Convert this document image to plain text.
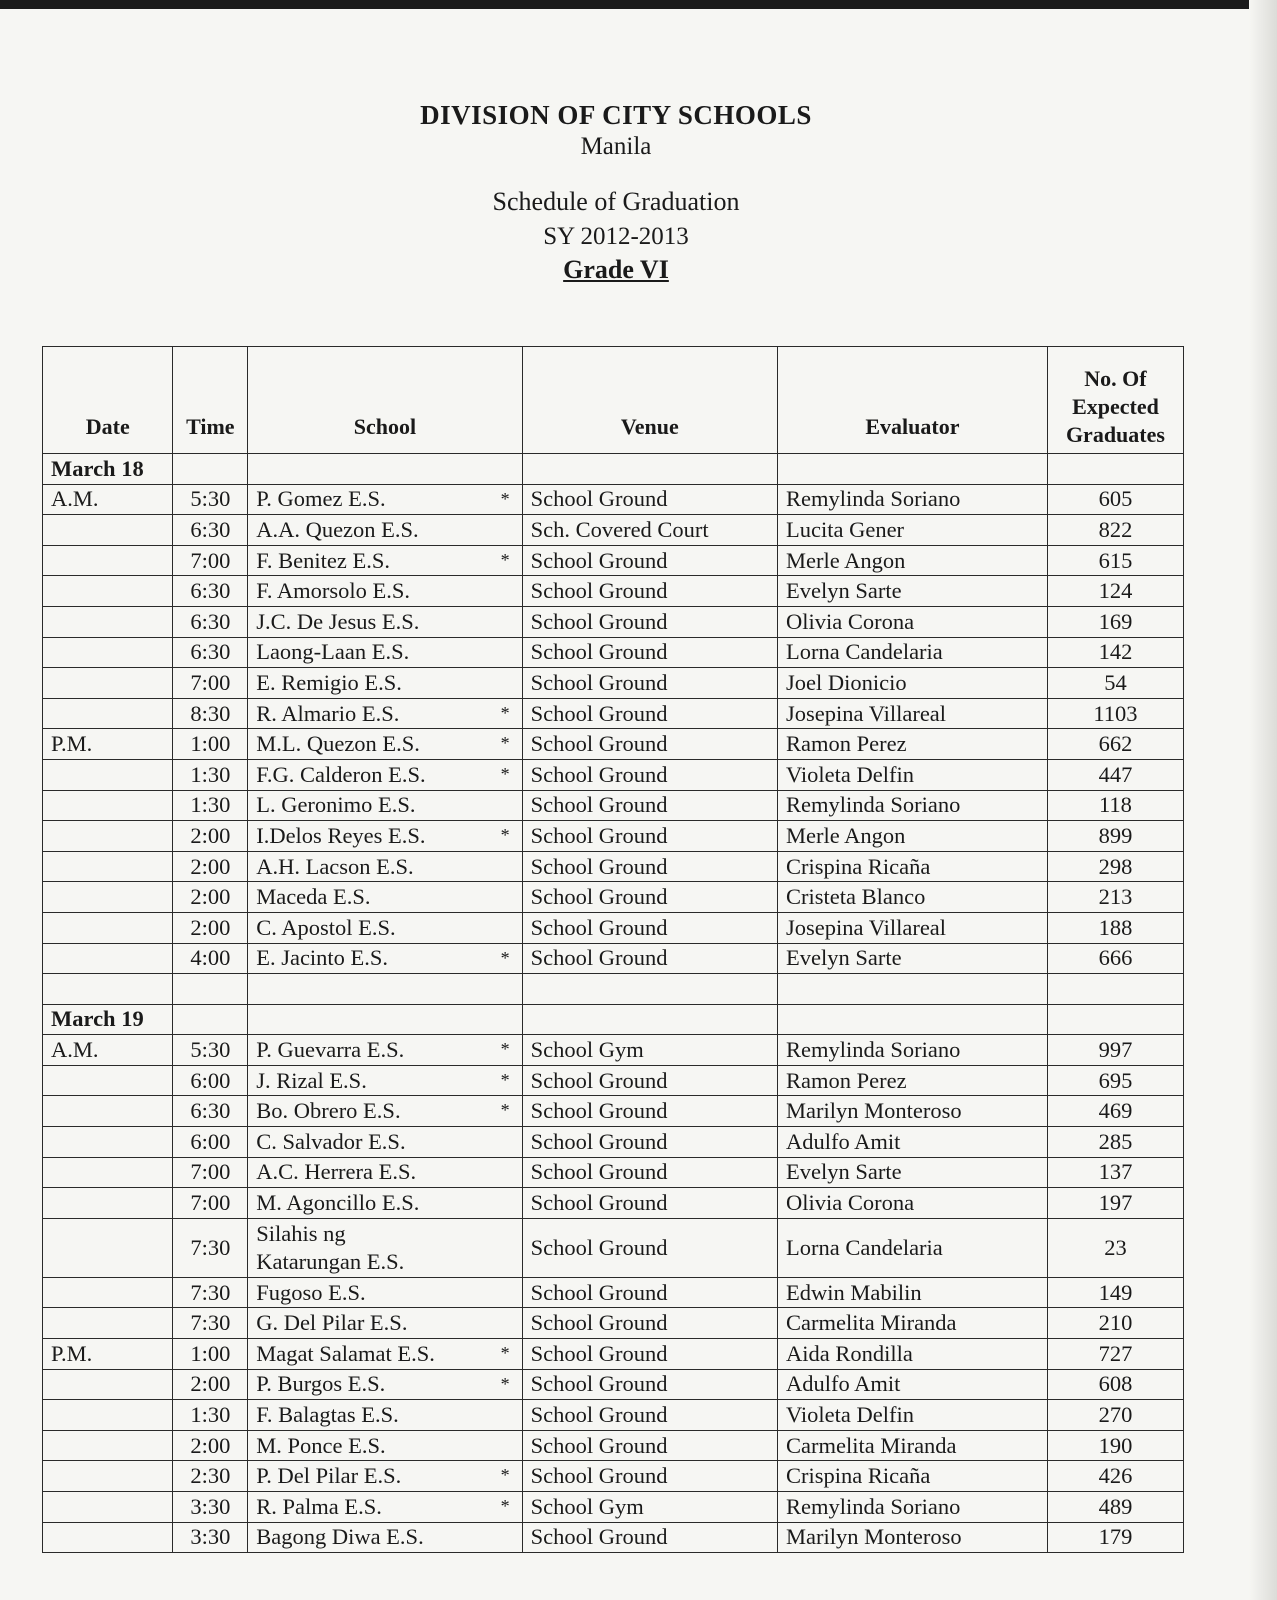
DIVISION OF CITY SCHOOLS
Manila
Schedule of Graduation
SY 2012-2013
Grade VI
Date	Time	School	Venue	Evaluator	No. Of Expected Graduates
March 18					
A.M.	5:30	P. Gomez E.S. *	School Ground	Remylinda Soriano	605
	6:30	A.A. Quezon E.S.	Sch. Covered Court	Lucita Gener	822
	7:00	F. Benitez E.S. *	School Ground	Merle Angon	615
	6:30	F. Amorsolo E.S.	School Ground	Evelyn Sarte	124
	6:30	J.C. De Jesus E.S.	School Ground	Olivia Corona	169
	6:30	Laong-Laan E.S.	School Ground	Lorna Candelaria	142
	7:00	E. Remigio E.S.	School Ground	Joel Dionicio	54
	8:30	R. Almario E.S. *	School Ground	Josepina Villareal	1103
P.M.	1:00	M.L. Quezon E.S. *	School Ground	Ramon Perez	662
	1:30	F.G. Calderon E.S. *	School Ground	Violeta Delfin	447
	1:30	L. Geronimo E.S.	School Ground	Remylinda Soriano	118
	2:00	I.Delos Reyes E.S. *	School Ground	Merle Angon	899
	2:00	A.H. Lacson E.S.	School Ground	Crispina Ricaña	298
	2:00	Maceda E.S.	School Ground	Cristeta Blanco	213
	2:00	C. Apostol E.S.	School Ground	Josepina Villareal	188
	4:00	E. Jacinto E.S. *	School Ground	Evelyn Sarte	666

March 19					
A.M.	5:30	P. Guevarra E.S. *	School Gym	Remylinda Soriano	997
	6:00	J. Rizal E.S. *	School Ground	Ramon Perez	695
	6:30	Bo. Obrero E.S. *	School Ground	Marilyn Monteroso	469
	6:00	C. Salvador E.S.	School Ground	Adulfo Amit	285
	7:00	A.C. Herrera E.S.	School Ground	Evelyn Sarte	137
	7:00	M. Agoncillo E.S.	School Ground	Olivia Corona	197
	7:30	Silahis ng Katarungan E.S.	School Ground	Lorna Candelaria	23
	7:30	Fugoso E.S.	School Ground	Edwin Mabilin	149
	7:30	G. Del Pilar E.S.	School Ground	Carmelita Miranda	210
P.M.	1:00	Magat Salamat E.S. *	School Ground	Aida Rondilla	727
	2:00	P. Burgos E.S. *	School Ground	Adulfo Amit	608
	1:30	F. Balagtas E.S.	School Ground	Violeta Delfin	270
	2:00	M. Ponce E.S.	School Ground	Carmelita Miranda	190
	2:30	P. Del Pilar E.S. *	School Ground	Crispina Ricaña	426
	3:30	R. Palma E.S. *	School Gym	Remylinda Soriano	489
	3:30	Bagong Diwa E.S.	School Ground	Marilyn Monteroso	179
